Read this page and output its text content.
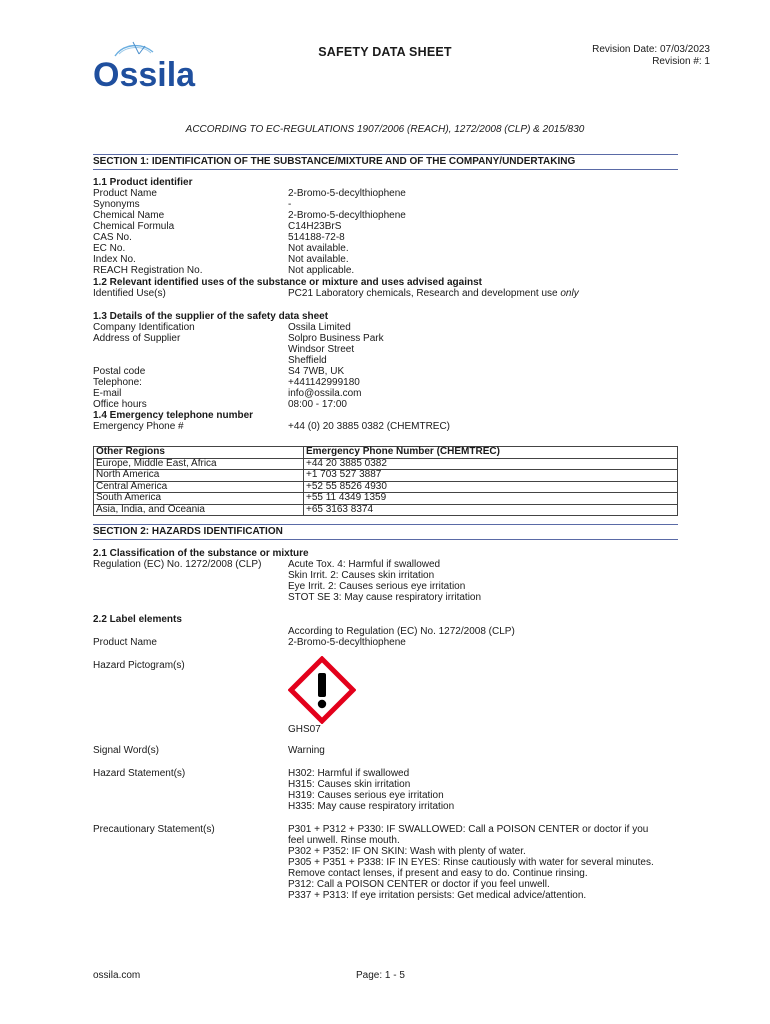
Ossila
SAFETY DATA SHEET	Revision Date: 07/03/2023
Revision #: 1
ACCORDING TO EC-REGULATIONS 1907/2006 (REACH), 1272/2008 (CLP) & 2015/830
SECTION 1: IDENTIFICATION OF THE SUBSTANCE/MIXTURE AND OF THE COMPANY/UNDERTAKING
1.1 Product identifier
Product Name	2-Bromo-5-decylthiophene
Synonyms	-
Chemical Name	2-Bromo-5-decylthiophene
Chemical Formula	C14H23BrS
CAS No.	514188-72-8
EC No.	Not available.
Index No.	Not available.
REACH Registration No.	Not applicable.
1.2 Relevant identified uses of the substance or mixture and uses advised against
Identified Use(s)	PC21 Laboratory chemicals, Research and development use only
1.3 Details of the supplier of the safety data sheet
Company Identification	Ossila Limited
Address of Supplier	Solpro Business Park
Windsor Street
Sheffield
Postal code	S4 7WB, UK
Telephone:	+441142999180
E-mail	info@ossila.com
Office hours	08:00 - 17:00
1.4 Emergency telephone number
Emergency Phone #	+44 (0) 20 3885 0382 (CHEMTREC)
Other Regions	Emergency Phone Number (CHEMTREC)
Europe, Middle East, Africa	+44 20 3885 0382
North America	+1 703 527 3887
Central America	+52 55 8526 4930
South America	+55 11 4349 1359
Asia, India, and Oceania	+65 3163 8374
SECTION 2: HAZARDS IDENTIFICATION
2.1 Classification of the substance or mixture
Regulation (EC) No. 1272/2008 (CLP)	Acute Tox. 4: Harmful if swallowed
Skin Irrit. 2: Causes skin irritation
Eye Irrit. 2: Causes serious eye irritation
STOT SE 3: May cause respiratory irritation
2.2 Label elements
According to Regulation (EC) No. 1272/2008 (CLP)
Product Name	2-Bromo-5-decylthiophene
Hazard Pictogram(s)
GHS07
Signal Word(s)	Warning
Hazard Statement(s)	H302: Harmful if swallowed
H315: Causes skin irritation
H319: Causes serious eye irritation
H335: May cause respiratory irritation
Precautionary Statement(s)	P301 + P312 + P330: IF SWALLOWED: Call a POISON CENTER or doctor if you
feel unwell. Rinse mouth.
P302 + P352: IF ON SKIN: Wash with plenty of water.
P305 + P351 + P338: IF IN EYES: Rinse cautiously with water for several minutes.
Remove contact lenses, if present and easy to do. Continue rinsing.
P312: Call a POISON CENTER or doctor if you feel unwell.
P337 + P313: If eye irritation persists: Get medical advice/attention.
ossila.com	Page: 1 - 5
